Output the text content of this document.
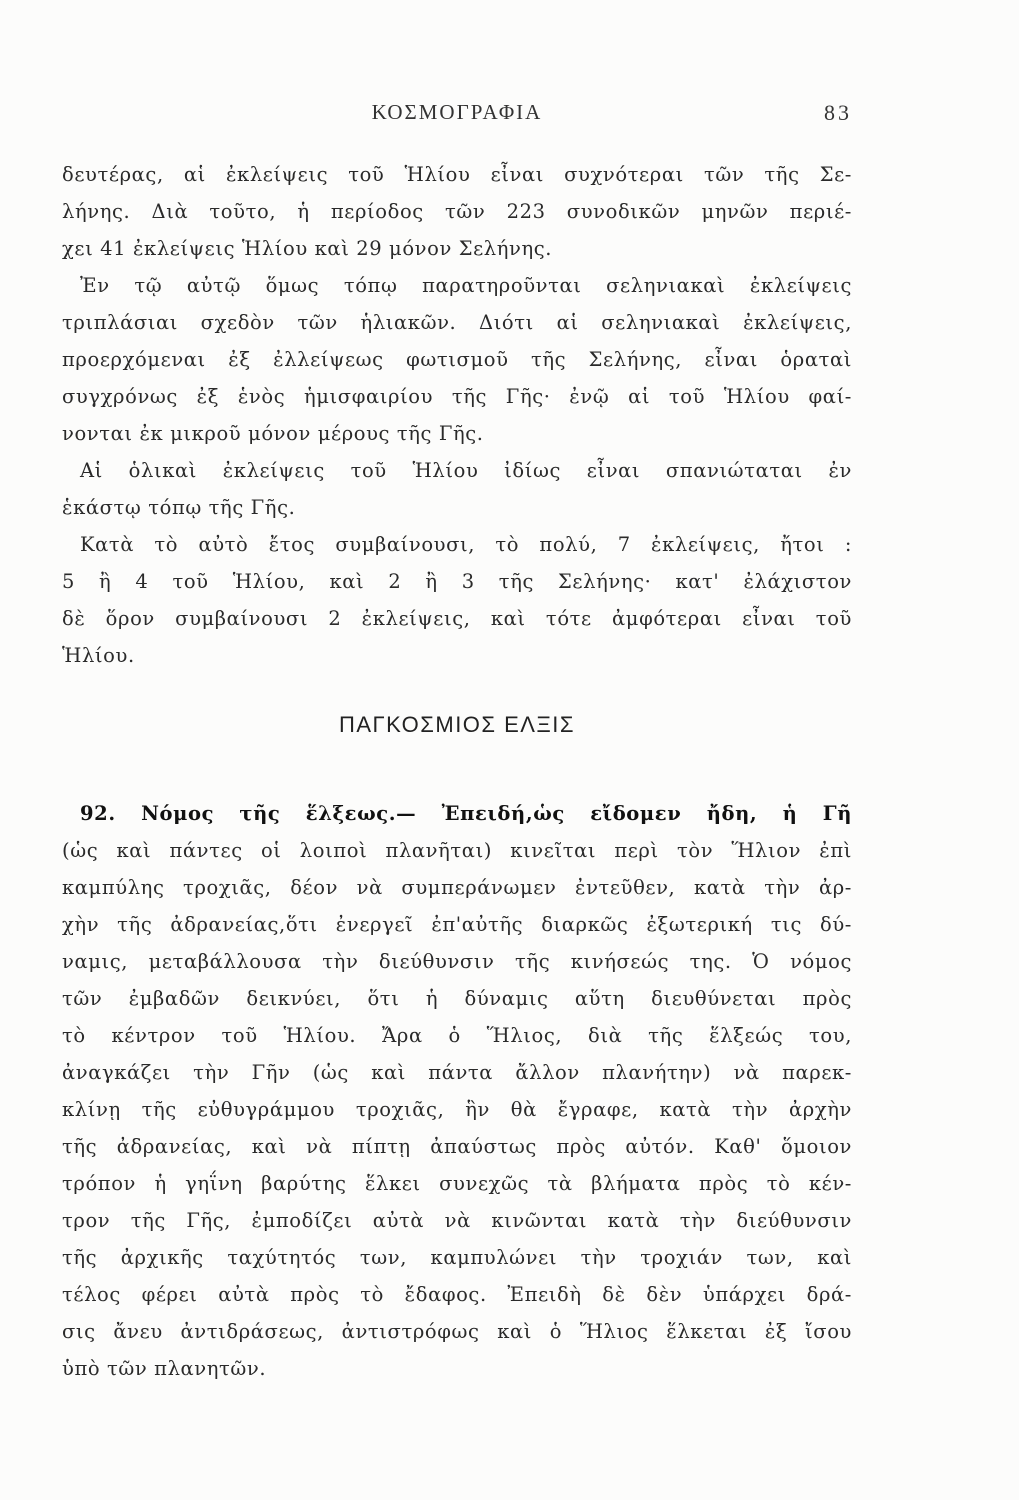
ΚΟΣΜΟΓΡΑΦΙΑ	83
δευτέρας, αἱ ἐκλείψεις τοῦ Ἡλίου εἶναι συχνότεραι τῶν τῆς Σε-
λήνης. Διὰ τοῦτο, ἡ περίοδος τῶν 223 συνοδικῶν μηνῶν περιέ-
χει 41 ἐκλείψεις Ἡλίου καὶ 29 μόνον Σελήνης.
Ἐν τῷ αὐτῷ ὅμως τόπῳ παρατηροῦνται σεληνιακαὶ ἐκλείψεις
τριπλάσιαι σχεδὸν τῶν ἡλιακῶν. Διότι αἱ σεληνιακαὶ ἐκλείψεις,
προερχόμεναι ἐξ ἐλλείψεως φωτισμοῦ τῆς Σελήνης, εἶναι ὁραταὶ
συγχρόνως ἐξ ἑνὸς ἡμισφαιρίου τῆς Γῆς· ἐνῷ αἱ τοῦ Ἡλίου φαί-
νονται ἐκ μικροῦ μόνον μέρους τῆς Γῆς.
Αἱ ὁλικαὶ ἐκλείψεις τοῦ Ἡλίου ἰδίως εἶναι σπανιώταται ἐν
ἑκάστῳ τόπῳ τῆς Γῆς.
Κατὰ τὸ αὐτὸ ἔτος συμβαίνουσι, τὸ πολύ, 7 ἐκλείψεις, ἤτοι :
5 ἢ 4 τοῦ Ἡλίου, καὶ 2 ἢ 3 τῆς Σελήνης· κατ' ἐλάχιστον
δὲ ὅρον συμβαίνουσι 2 ἐκλείψεις, καὶ τότε ἀμφότεραι εἶναι τοῦ
Ἡλίου.
ΠΑΓΚΟΣΜΙΟΣ ΕΛΞΙΣ
92. Νόμος τῆς ἕλξεως.— Ἐπειδή,ὡς εἴδομεν ἤδη, ἡ Γῆ
(ὡς καὶ πάντες οἱ λοιποὶ πλανῆται) κινεῖται περὶ τὸν Ἥλιον ἐπὶ
καμπύλης τροχιᾶς, δέον νὰ συμπεράνωμεν ἐντεῦθεν, κατὰ τὴν ἀρ-
χὴν τῆς ἀδρανείας,ὅτι ἐνεργεῖ ἐπ'αὐτῆς διαρκῶς ἐξωτερική τις δύ-
ναμις, μεταβάλλουσα τὴν διεύθυνσιν τῆς κινήσεώς της. Ὁ νόμος
τῶν ἐμβαδῶν δεικνύει, ὅτι ἡ δύναμις αὕτη διευθύνεται πρὸς
τὸ κέντρον τοῦ Ἡλίου. Ἄρα ὁ Ἥλιος, διὰ τῆς ἕλξεώς του,
ἀναγκάζει τὴν Γῆν (ὡς καὶ πάντα ἄλλον πλανήτην) νὰ παρεκ-
κλίνῃ τῆς εὐθυγράμμου τροχιᾶς, ἣν θὰ ἔγραφε, κατὰ τὴν ἀρχὴν
τῆς ἀδρανείας, καὶ νὰ πίπτῃ ἀπαύστως πρὸς αὐτόν. Καθ' ὅμοιον
τρόπον ἡ γηΐνη βαρύτης ἕλκει συνεχῶς τὰ βλήματα πρὸς τὸ κέν-
τρον τῆς Γῆς, ἐμποδίζει αὐτὰ νὰ κινῶνται κατὰ τὴν διεύθυνσιν
τῆς ἀρχικῆς ταχύτητός των, καμπυλώνει τὴν τροχιάν των, καὶ
τέλος φέρει αὐτὰ πρὸς τὸ ἔδαφος. Ἐπειδὴ δὲ δὲν ὑπάρχει δρά-
σις ἄνευ ἀντιδράσεως, ἀντιστρόφως καὶ ὁ Ἥλιος ἕλκεται ἐξ ἴσου
ὑπὸ τῶν πλανητῶν.
